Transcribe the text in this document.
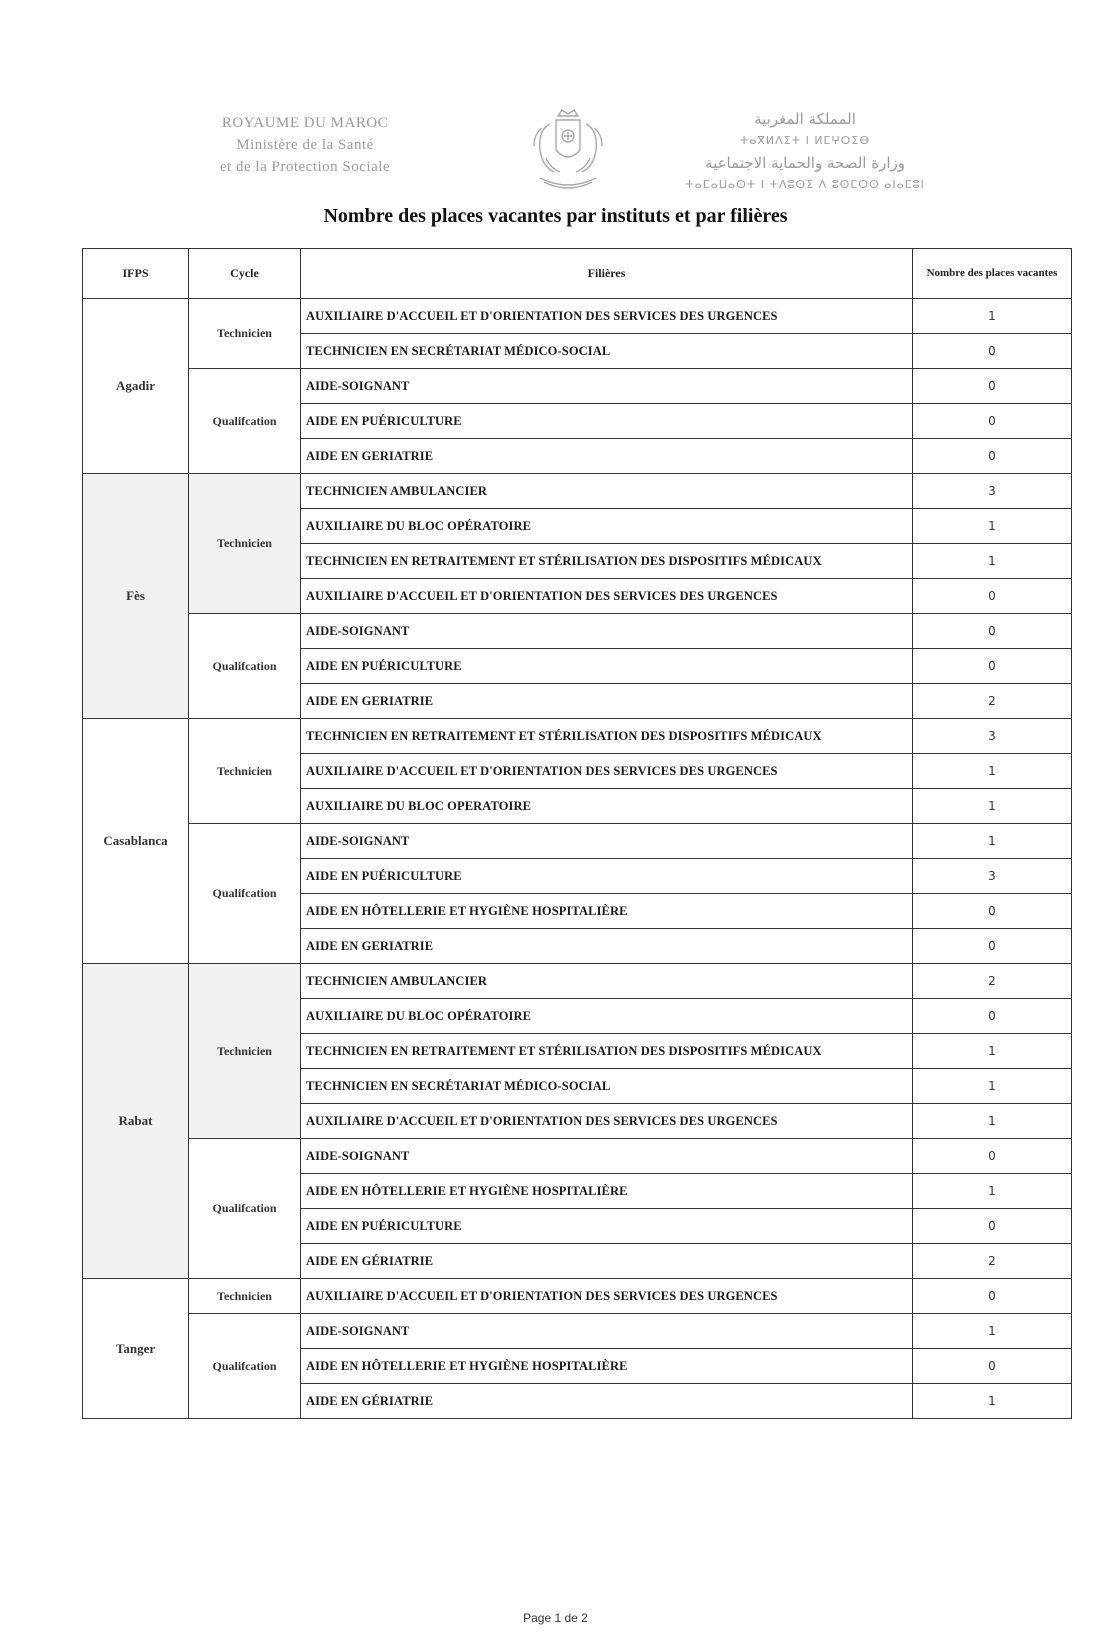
ROYAUME DU MAROC
Ministère de la Santé
et de la Protection Sociale
المملكة المغربية
ⵜⴰⴳⵍⴷⵉⵜ ⵏ ⵍⵎⵖⵔⵉⴱ
وزارة الصحة والحماية الاجتماعية
ⵜⴰⵎⴰⵡⴰⵙⵜ ⵏ ⵜⴷⵓⵙⵉ ⴷ ⵓⵙⵎⵔⵙ ⴰⵏⴰⵎⵓⵏ
Nombre des places vacantes par instituts et par filières
IFPS	Cycle	Filières	Nombre des places vacantes
Agadir	Technicien	AUXILIAIRE D'ACCUEIL ET D'ORIENTATION DES SERVICES DES URGENCES	1
		TECHNICIEN EN SECRÉTARIAT MÉDICO-SOCIAL	0
	Qualifcation	AIDE-SOIGNANT	0
		AIDE EN PUÉRICULTURE	0
		AIDE EN GERIATRIE	0
Fès	Technicien	TECHNICIEN AMBULANCIER	3
		AUXILIAIRE DU BLOC OPÉRATOIRE	1
		TECHNICIEN EN RETRAITEMENT ET STÉRILISATION DES DISPOSITIFS MÉDICAUX	1
		AUXILIAIRE D'ACCUEIL ET D'ORIENTATION DES SERVICES DES URGENCES	0
	Qualifcation	AIDE-SOIGNANT	0
		AIDE EN PUÉRICULTURE	0
		AIDE EN GERIATRIE	2
Casablanca	Technicien	TECHNICIEN EN RETRAITEMENT ET STÉRILISATION DES DISPOSITIFS MÉDICAUX	3
		AUXILIAIRE D'ACCUEIL ET D'ORIENTATION DES SERVICES DES URGENCES	1
		AUXILIAIRE DU BLOC OPERATOIRE	1
	Qualifcation	AIDE-SOIGNANT	1
		AIDE EN PUÉRICULTURE	3
		AIDE EN HÔTELLERIE ET HYGIÈNE HOSPITALIÈRE	0
		AIDE EN GERIATRIE	0
Rabat	Technicien	TECHNICIEN AMBULANCIER	2
		AUXILIAIRE DU BLOC OPÉRATOIRE	0
		TECHNICIEN EN RETRAITEMENT ET STÉRILISATION DES DISPOSITIFS MÉDICAUX	1
		TECHNICIEN EN SECRÉTARIAT MÉDICO-SOCIAL	1
		AUXILIAIRE D'ACCUEIL ET D'ORIENTATION DES SERVICES DES URGENCES	1
	Qualifcation	AIDE-SOIGNANT	0
		AIDE EN HÔTELLERIE ET HYGIÈNE HOSPITALIÈRE	1
		AIDE EN PUÉRICULTURE	0
		AIDE EN GÉRIATRIE	2
Tanger	Technicien	AUXILIAIRE D'ACCUEIL ET D'ORIENTATION DES SERVICES DES URGENCES	0
	Qualifcation	AIDE-SOIGNANT	1
		AIDE EN HÔTELLERIE ET HYGIÈNE HOSPITALIÈRE	0
		AIDE EN GÉRIATRIE	1
Page 1 de 2
